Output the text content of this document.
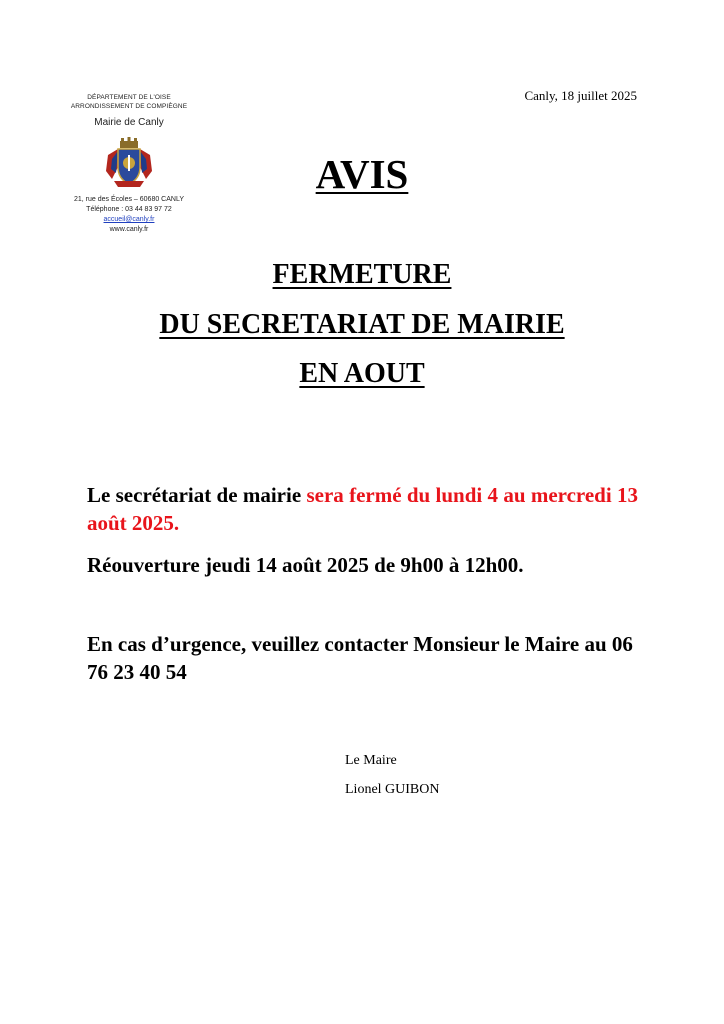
DÉPARTEMENT DE L'OISE
ARRONDISSEMENT DE COMPIÈGNE
Mairie de Canly
21, rue des Écoles – 60680 CANLY
Téléphone : 03 44 83 97 72
accueil@canly.fr
www.canly.fr
Canly, 18 juillet 2025
AVIS
FERMETURE
DU SECRETARIAT DE MAIRIE
EN AOUT
Le secrétariat de mairie sera fermé du lundi 4 au mercredi 13 août 2025.
Réouverture jeudi 14 août 2025 de 9h00 à 12h00.
En cas d’urgence, veuillez contacter Monsieur le Maire au 06 76 23 40 54
Le Maire
Lionel GUIBON
